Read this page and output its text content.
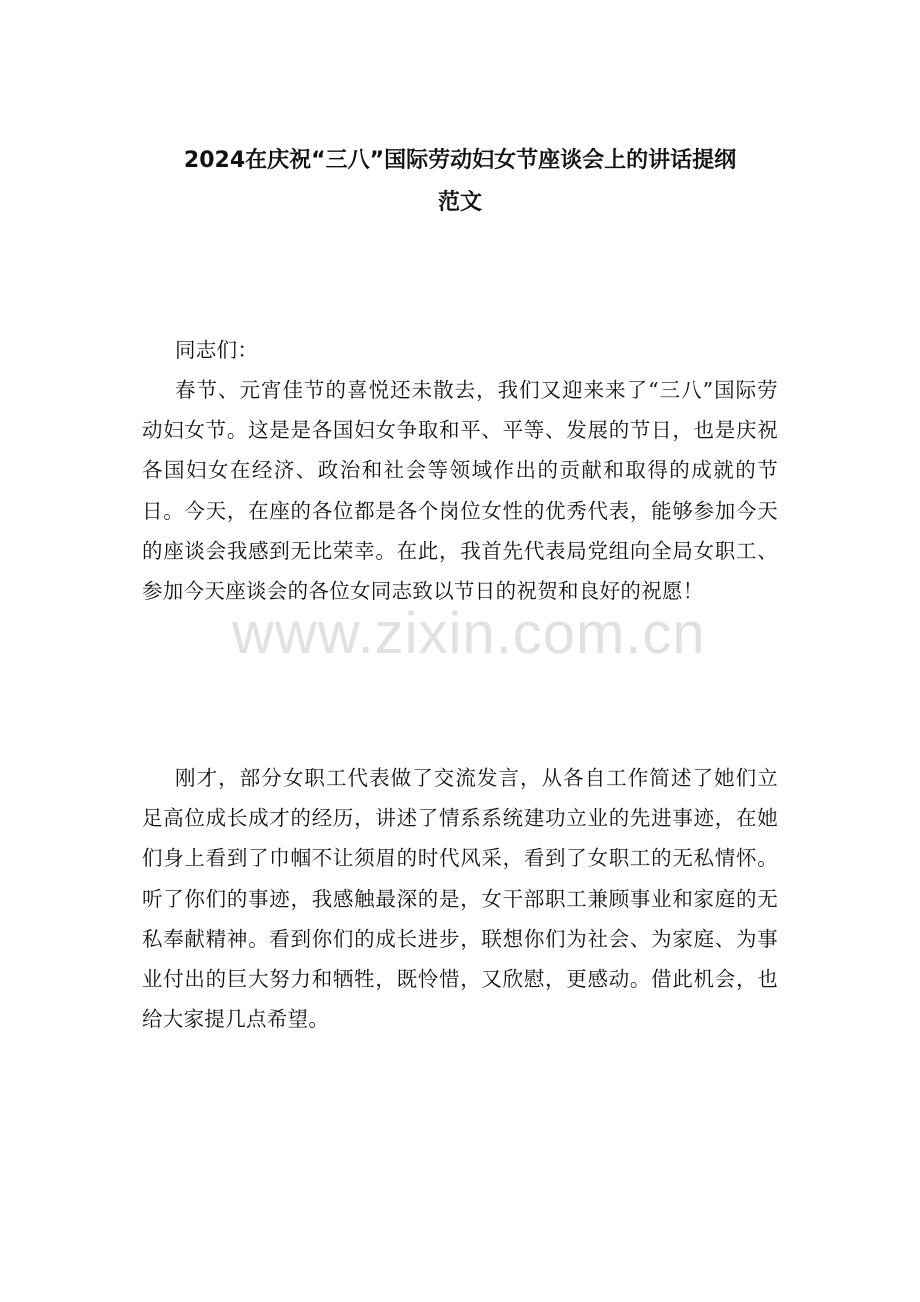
2024在庆祝“三八”国际劳动妇女节座谈会上的讲话提纲
范文

同志们：

春节、元宵佳节的喜悦还未散去，我们又迎来来了“三八”国际劳动妇女节。这是是各国妇女争取和平、平等、发展的节日，也是庆祝各国妇女在经济、政治和社会等领域作出的贡献和取得的成就的节日。今天，在座的各位都是各个岗位女性的优秀代表，能够参加今天的座谈会我感到无比荣幸。在此，我首先代表局党组向全局女职工、参加今天座谈会的各位女同志致以节日的祝贺和良好的祝愿！

刚才，部分女职工代表做了交流发言，从各自工作简述了她们立足高位成长成才的经历，讲述了情系系统建功立业的先进事迹，在她们身上看到了巾帼不让须眉的时代风采，看到了女职工的无私情怀。听了你们的事迹，我感触最深的是，女干部职工兼顾事业和家庭的无私奉献精神。看到你们的成长进步，联想你们为社会、为家庭、为事业付出的巨大努力和牺牲，既怜惜，又欣慰，更感动。借此机会，也给大家提几点希望。

www.zixin.com.cn
